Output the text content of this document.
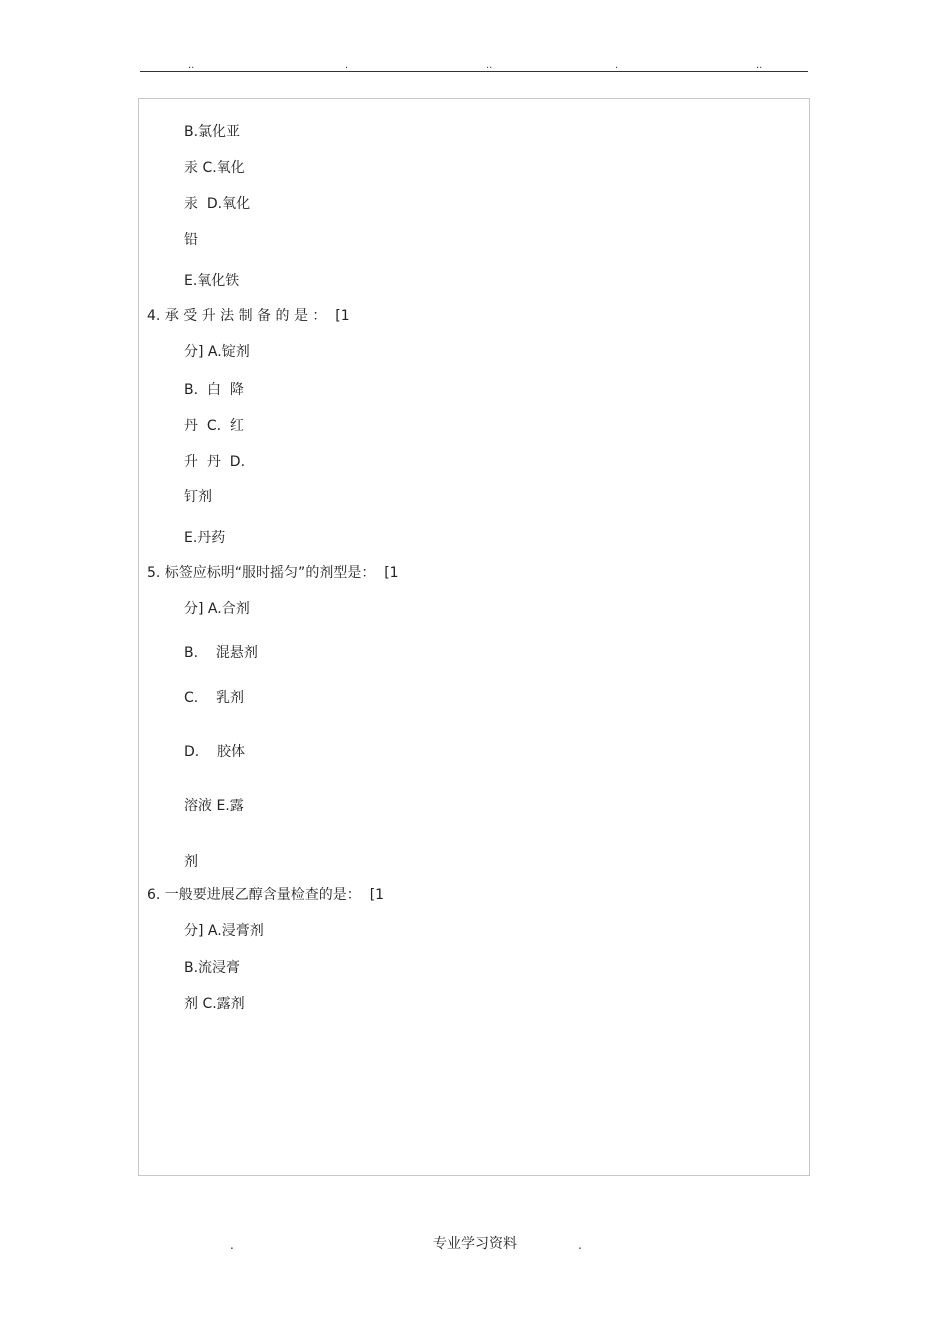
..	.	..	.	..
B.氯化亚
汞 C.氧化
汞  D.氧化
铅
E.氧化铁
4. 承 受 升 法 制 备 的 是 ：  [1
分] A.锭剂
B.  白  降
丹  C.  红
升  丹  D.
钉剂
E.丹药
5. 标签应标明“服时摇匀”的剂型是：  [1
分] A.合剂
B.    混悬剂
C.    乳剂
D.    胶体
溶液 E.露
剂
6. 一般要进展乙醇含量检查的是：  [1
分] A.浸膏剂
B.流浸膏
剂 C.露剂
.	专业学习资料	.
